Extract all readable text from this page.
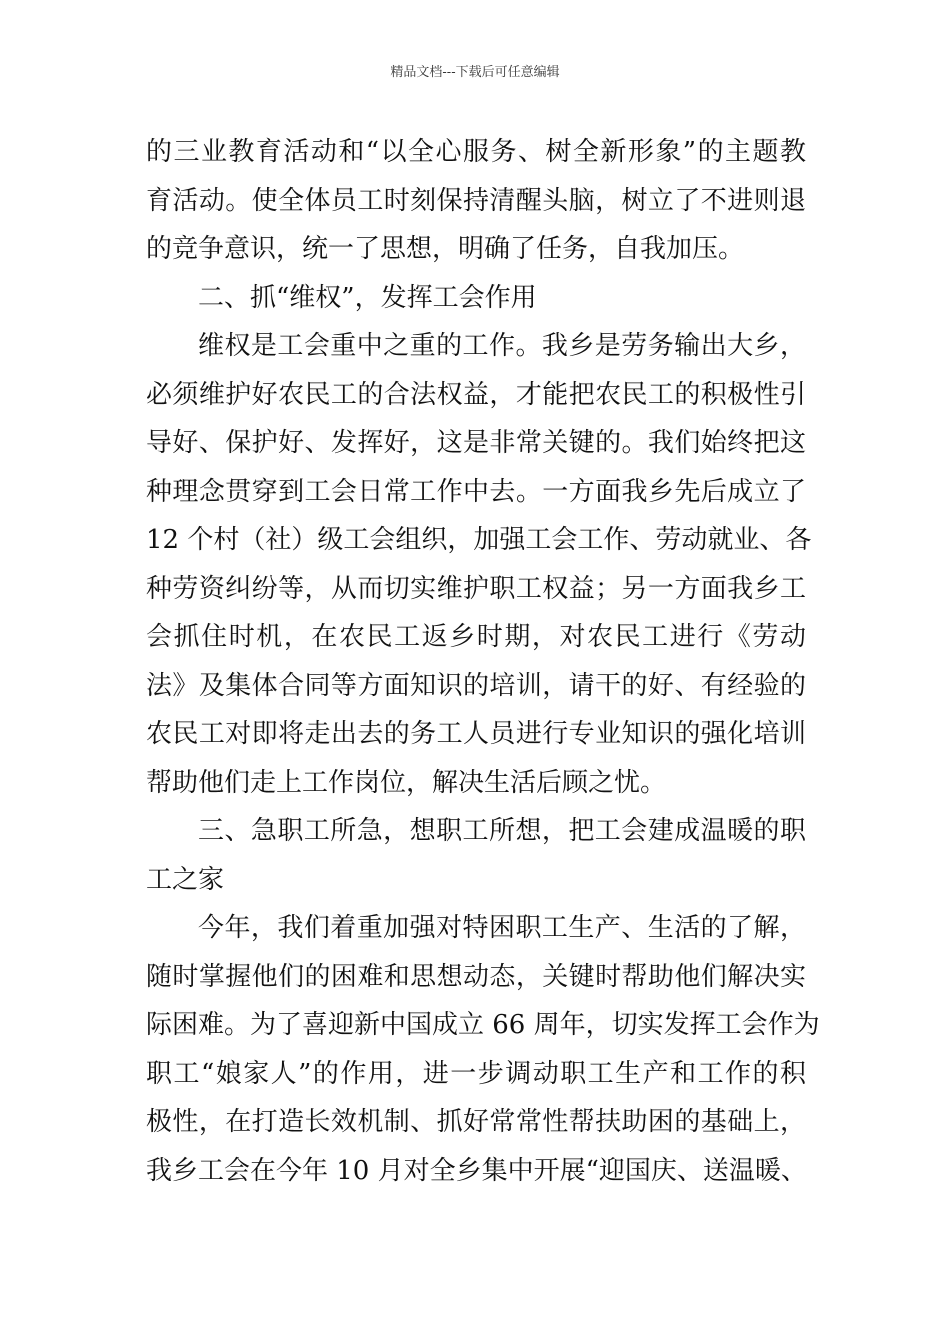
精品文档---下载后可任意编辑
的三业教育活动和“以全心服务、树全新形象”的主题教
育活动。使全体员工时刻保持清醒头脑，树立了不进则退
的竞争意识，统一了思想，明确了任务，自我加压。
二、抓“维权”，发挥工会作用
维权是工会重中之重的工作。我乡是劳务输出大乡，
必须维护好农民工的合法权益，才能把农民工的积极性引
导好、保护好、发挥好，这是非常关键的。我们始终把这
种理念贯穿到工会日常工作中去。一方面我乡先后成立了
12 个村（社）级工会组织，加强工会工作、劳动就业、各
种劳资纠纷等，从而切实维护职工权益；另一方面我乡工
会抓住时机，在农民工返乡时期，对农民工进行《劳动
法》及集体合同等方面知识的培训，请干的好、有经验的
农民工对即将走出去的务工人员进行专业知识的强化培训
帮助他们走上工作岗位，解决生活后顾之忧。
三、急职工所急，想职工所想，把工会建成温暖的职
工之家
今年，我们着重加强对特困职工生产、生活的了解，
随时掌握他们的困难和思想动态，关键时帮助他们解决实
际困难。为了喜迎新中国成立 66 周年，切实发挥工会作为
职工“娘家人”的作用，进一步调动职工生产和工作的积
极性，在打造长效机制、抓好常常性帮扶助困的基础上，
我乡工会在今年 10 月对全乡集中开展“迎国庆、送温暖、
